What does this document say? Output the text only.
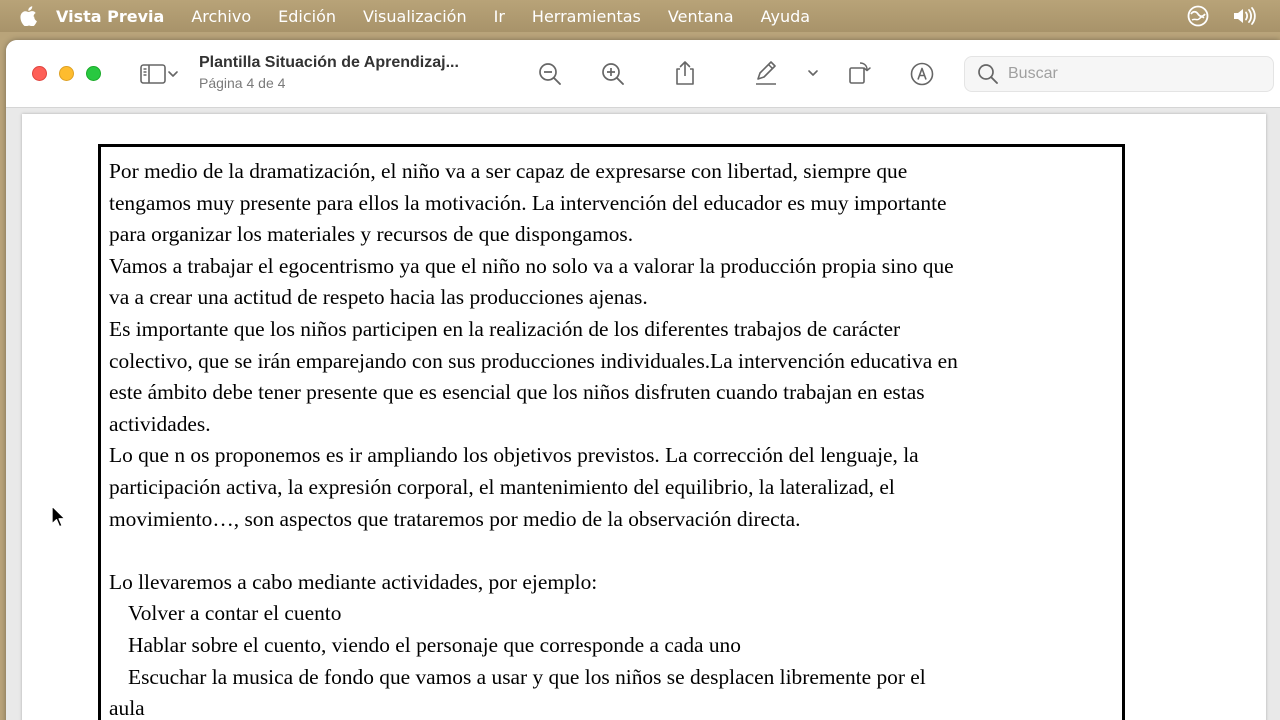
Vista Previa Archivo Edición Visualización Ir Herramientas Ventana Ayuda
Plantilla Situación de Aprendizaj...
Página 4 de 4
Buscar

Por medio de la dramatización, el niño va a ser capaz de expresarse con libertad, siempre que

tengamos muy presente para ellos la motivación. La intervención del educador es muy importante

para organizar los materiales y recursos de que dispongamos.

Vamos a trabajar el egocentrismo ya que el niño no solo va a valorar la producción propia sino que

va a crear una actitud de respeto hacia las producciones ajenas.

Es importante que los niños participen en la realización de los diferentes trabajos de carácter

colectivo, que se irán emparejando con sus producciones individuales.La intervención educativa en

este ámbito debe tener presente que es esencial que los niños disfruten cuando trabajan en estas

actividades.

Lo que n os proponemos es ir ampliando los objetivos previstos. La corrección del lenguaje, la

participación activa, la expresión corporal, el mantenimiento del equilibrio, la lateralizad, el

movimiento…, son aspectos que trataremos por medio de la observación directa.

Lo llevaremos a cabo mediante actividades, por ejemplo:

Volver a contar el cuento

Hablar sobre el cuento, viendo el personaje que corresponde a cada uno

Escuchar la musica de fondo que vamos a usar y que los niños se desplacen libremente por el

aula
